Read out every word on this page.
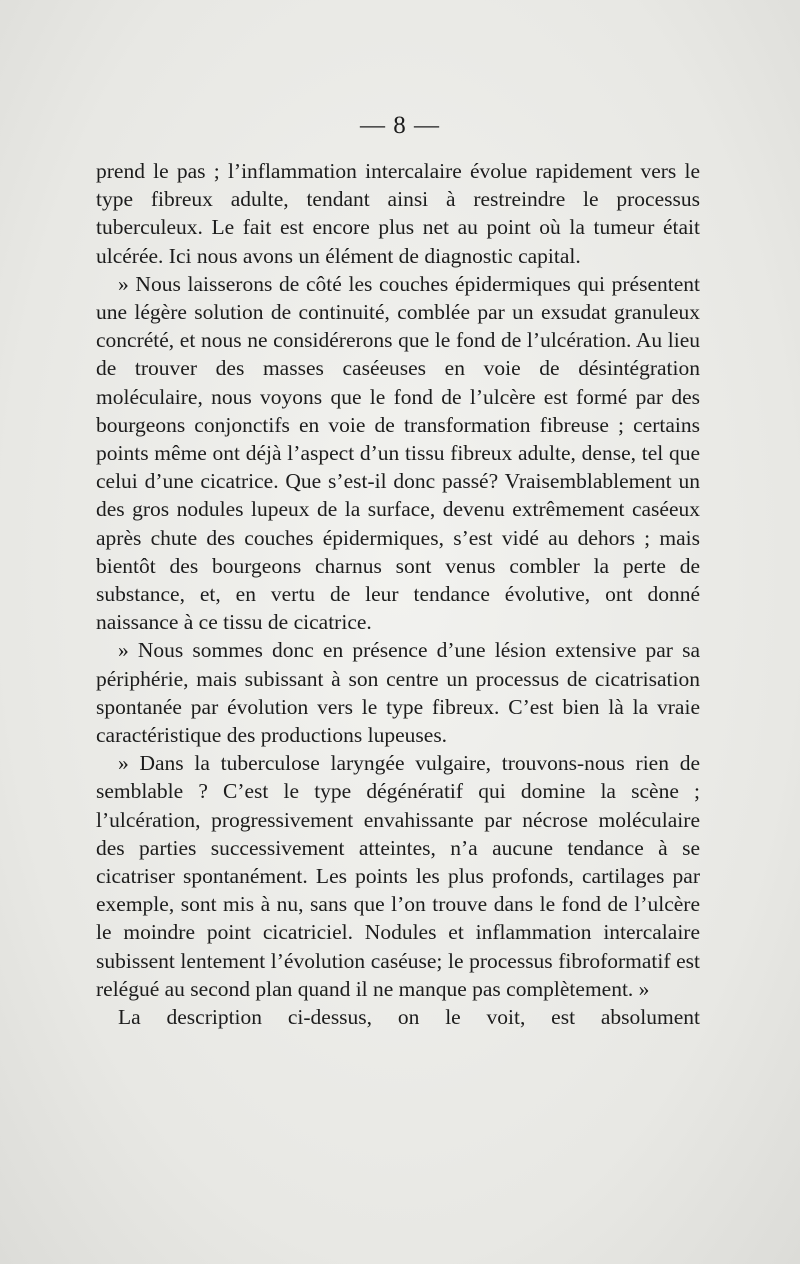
— 8 —

prend le pas ; l’inflammation intercalaire évolue rapidement vers le type fibreux adulte, tendant ainsi à restreindre le processus tuberculeux. Le fait est encore plus net au point où la tumeur était ulcérée. Ici nous avons un élément de diagnostic capital.

» Nous laisserons de côté les couches épidermiques qui présentent une légère solution de continuité, comblée par un exsudat granuleux concrété, et nous ne considérerons que le fond de l’ulcération. Au lieu de trouver des masses caséeuses en voie de désintégration moléculaire, nous voyons que le fond de l’ulcère est formé par des bourgeons conjonctifs en voie de transformation fibreuse ; certains points même ont déjà l’aspect d’un tissu fibreux adulte, dense, tel que celui d’une cicatrice. Que s’est-il donc passé? Vraisemblablement un des gros nodules lupeux de la surface, devenu extrêmement caséeux après chute des couches épidermiques, s’est vidé au dehors ; mais bientôt des bourgeons charnus sont venus combler la perte de substance, et, en vertu de leur tendance évolutive, ont donné naissance à ce tissu de cicatrice.

» Nous sommes donc en présence d’une lésion extensive par sa périphérie, mais subissant à son centre un processus de cicatrisation spontanée par évolution vers le type fibreux. C’est bien là la vraie caractéristique des productions lupeuses.

» Dans la tuberculose laryngée vulgaire, trouvons-nous rien de semblable ? C’est le type dégénératif qui domine la scène ; l’ulcération, progressivement envahissante par nécrose moléculaire des parties successivement atteintes, n’a aucune tendance à se cicatriser spontanément. Les points les plus profonds, cartilages par exemple, sont mis à nu, sans que l’on trouve dans le fond de l’ulcère le moindre point cicatriciel. Nodules et inflammation intercalaire subissent lentement l’évolution caséuse; le processus fibroformatif est relégué au second plan quand il ne manque pas complètement. »

La description ci-dessus, on le voit, est absolument
